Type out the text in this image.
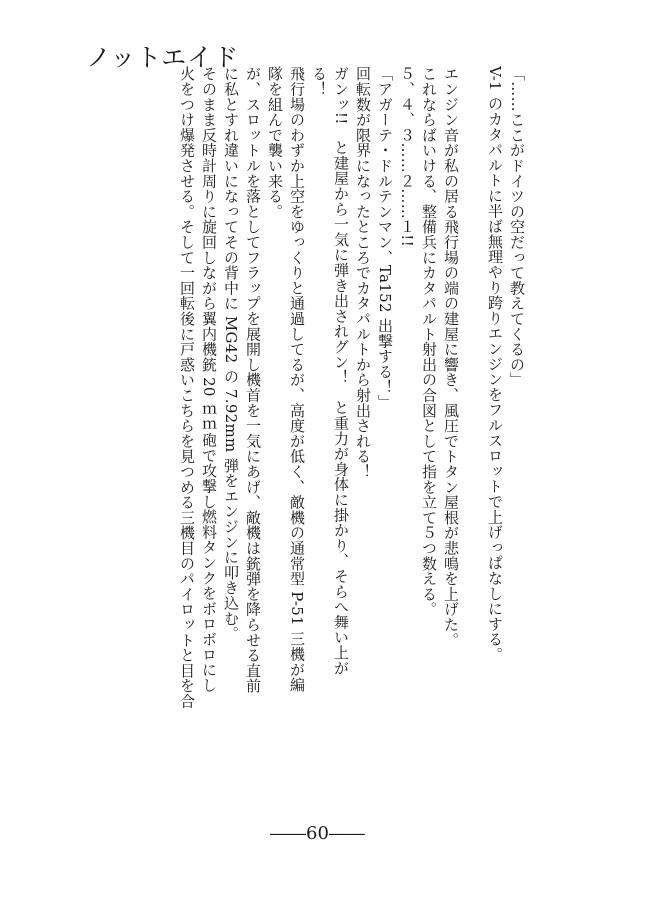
ノットエイド

「……ここがドイツの空だって教えてくるの」

V-1 のカタパルトに半ば無理やり跨りエンジンをフルスロットで上げっぱなしにする。

エンジン音が私の居る飛行場の端の建屋に響き、風圧でトタン屋根が悲鳴を上げた。

これならばいける、整備兵にカタパルト射出の合図として指を立て５つ数える。

５、４、３……２……１!!

「アガーテ・ドルテンマン、Ta152 出撃する！」

回転数が限界になったところでカタパルトから射出される！

ガンッ!!　と建屋から一気に弾き出されグン！　と重力が身体に掛かり、そらへ舞い上が

る！

飛行場のわずか上空をゆっくりと通過してるが、高度が低く、敵機の通常型 P-51 三機が編

隊を組んで襲い来る。

が、スロットルを落としてフラップを展開し機首を一気にあげ、敵機は銃弾を降らせる直前

に私とすれ違いになってその背中に MG42 の 7.92mm 弾をエンジンに叩き込む。

そのまま反時計周りに旋回しながら翼内機銃 20 ｍｍ砲で攻撃し燃料タンクをボロボロにし

火をつけ爆発させる。そして一回転後に戸惑いこちらを見つめる三機目のパイロットと目を合

――60――
